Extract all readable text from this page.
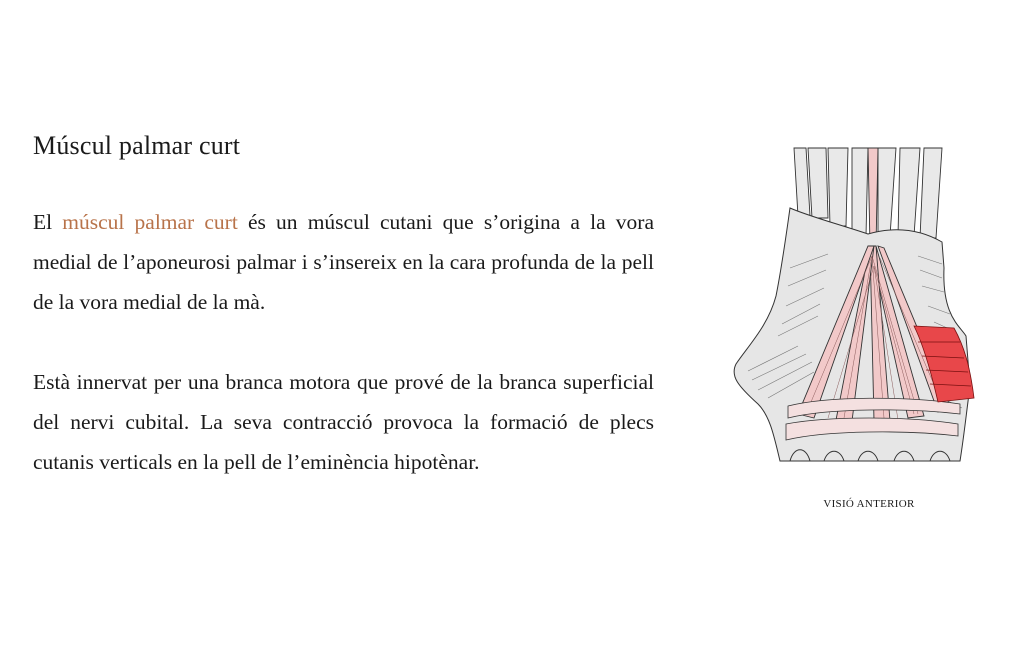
Múscul palmar curt

El múscul palmar curt és un múscul cutani que s’origina a la vora medial de l’aponeurosi palmar i s’insereix en la cara profunda de la pell de la vora medial de la mà.

Està innervat per una branca motora que prové de la branca superficial del nervi cubital. La seva contracció provoca la formació de plecs cutanis verticals en la pell de l’eminència hipotènar.

VISIÓ ANTERIOR
